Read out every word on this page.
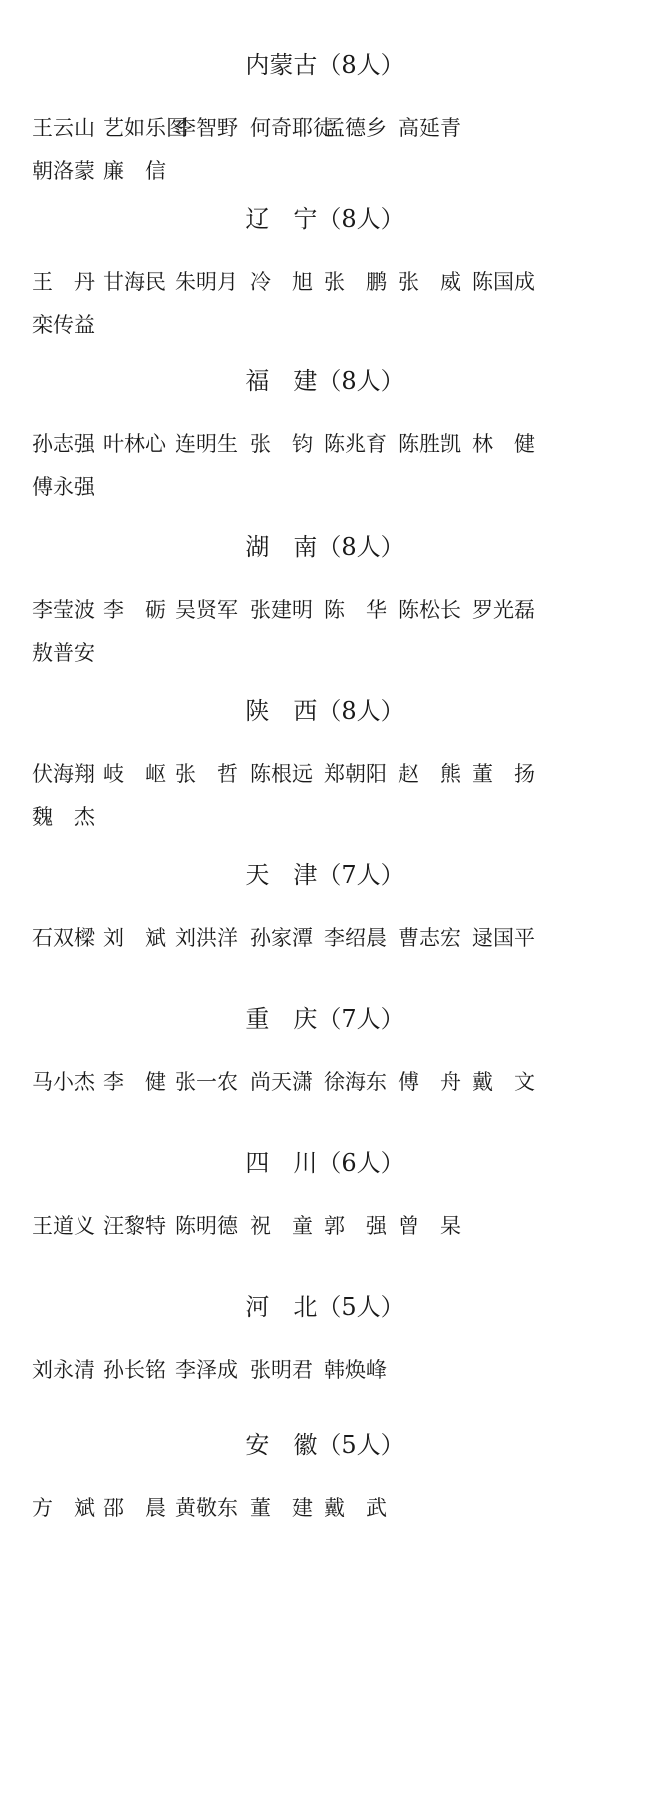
内蒙古（8人）
王云山 艺如乐图
李智野 何奇耶徒
孟德乡 高延青
朝洛蒙 廉　信
辽　宁（8人）
王　丹 甘海民 朱明月 冷　旭 张　鹏 张　威 陈国成
栾传益
福　建（8人）
孙志强 叶林心 连明生 张　钧 陈兆育 陈胜凯 林　健
傅永强
湖　南（8人）
李莹波 李　砺 吴贤军 张建明 陈　华 陈松长 罗光磊
敖普安
陕　西（8人）
伏海翔 岐　岖 张　哲 陈根远 郑朝阳 赵　熊 董　扬
魏　杰
天　津（7人）
石双樑 刘　斌 刘洪洋 孙家潭 李绍晨 曹志宏 逯国平
重　庆（7人）
马小杰 李　健 张一农 尚天潇 徐海东 傅　舟 戴　文
四　川（6人）
王道义 汪黎特 陈明德 祝　童 郭　强 曾　杲
河　北（5人）
刘永清 孙长铭 李泽成 张明君 韩焕峰
安　徽（5人）
方　斌 邵　晨 黄敬东 董　建 戴　武
